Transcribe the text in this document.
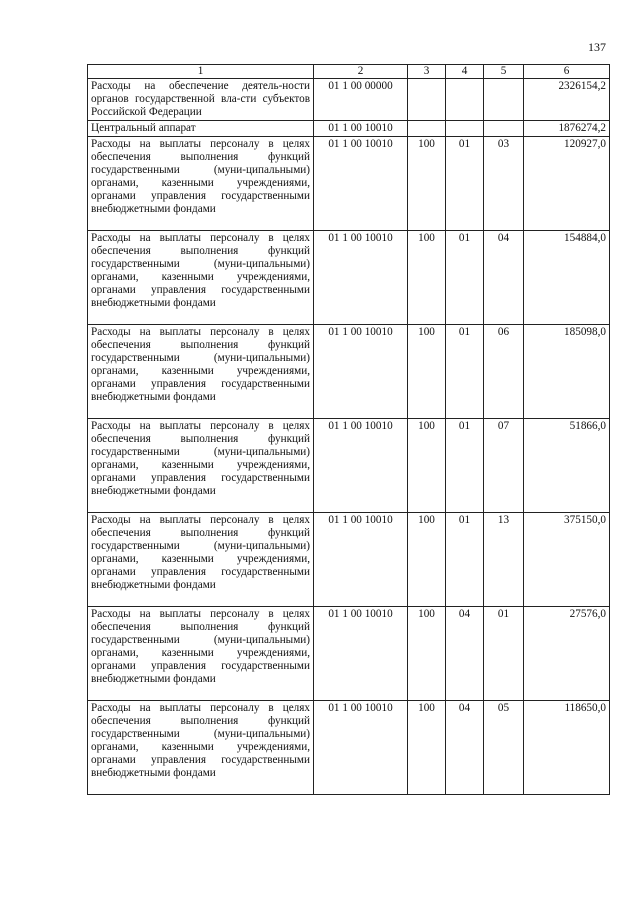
137
1	2	3	4	5	6
Расходы на обеспечение деятель-ности органов государственной вла-сти субъектов Российской Федерации	01 1 00 00000				2326154,2
Центральный аппарат	01 1 00 10010				1876274,2
Расходы на выплаты персоналу в целях обеспечения выполнения функций государственными (муни-ципальными) органами, казенными учреждениями, органами управления государственными внебюджетными фондами	01 1 00 10010	100	01	03	120927,0
Расходы на выплаты персоналу в целях обеспечения выполнения функций государственными (муни-ципальными) органами, казенными учреждениями, органами управления государственными внебюджетными фондами	01 1 00 10010	100	01	04	154884,0
Расходы на выплаты персоналу в целях обеспечения выполнения функций государственными (муни-ципальными) органами, казенными учреждениями, органами управления государственными внебюджетными фондами	01 1 00 10010	100	01	06	185098,0
Расходы на выплаты персоналу в целях обеспечения выполнения функций государственными (муни-ципальными) органами, казенными учреждениями, органами управления государственными внебюджетными фондами	01 1 00 10010	100	01	07	51866,0
Расходы на выплаты персоналу в целях обеспечения выполнения функций государственными (муни-ципальными) органами, казенными учреждениями, органами управления государственными внебюджетными фондами	01 1 00 10010	100	01	13	375150,0
Расходы на выплаты персоналу в целях обеспечения выполнения функций государственными (муни-ципальными) органами, казенными учреждениями, органами управления государственными внебюджетными фондами	01 1 00 10010	100	04	01	27576,0
Расходы на выплаты персоналу в целях обеспечения выполнения функций государственными (муни-ципальными) органами, казенными учреждениями, органами управления государственными внебюджетными фондами	01 1 00 10010	100	04	05	118650,0
